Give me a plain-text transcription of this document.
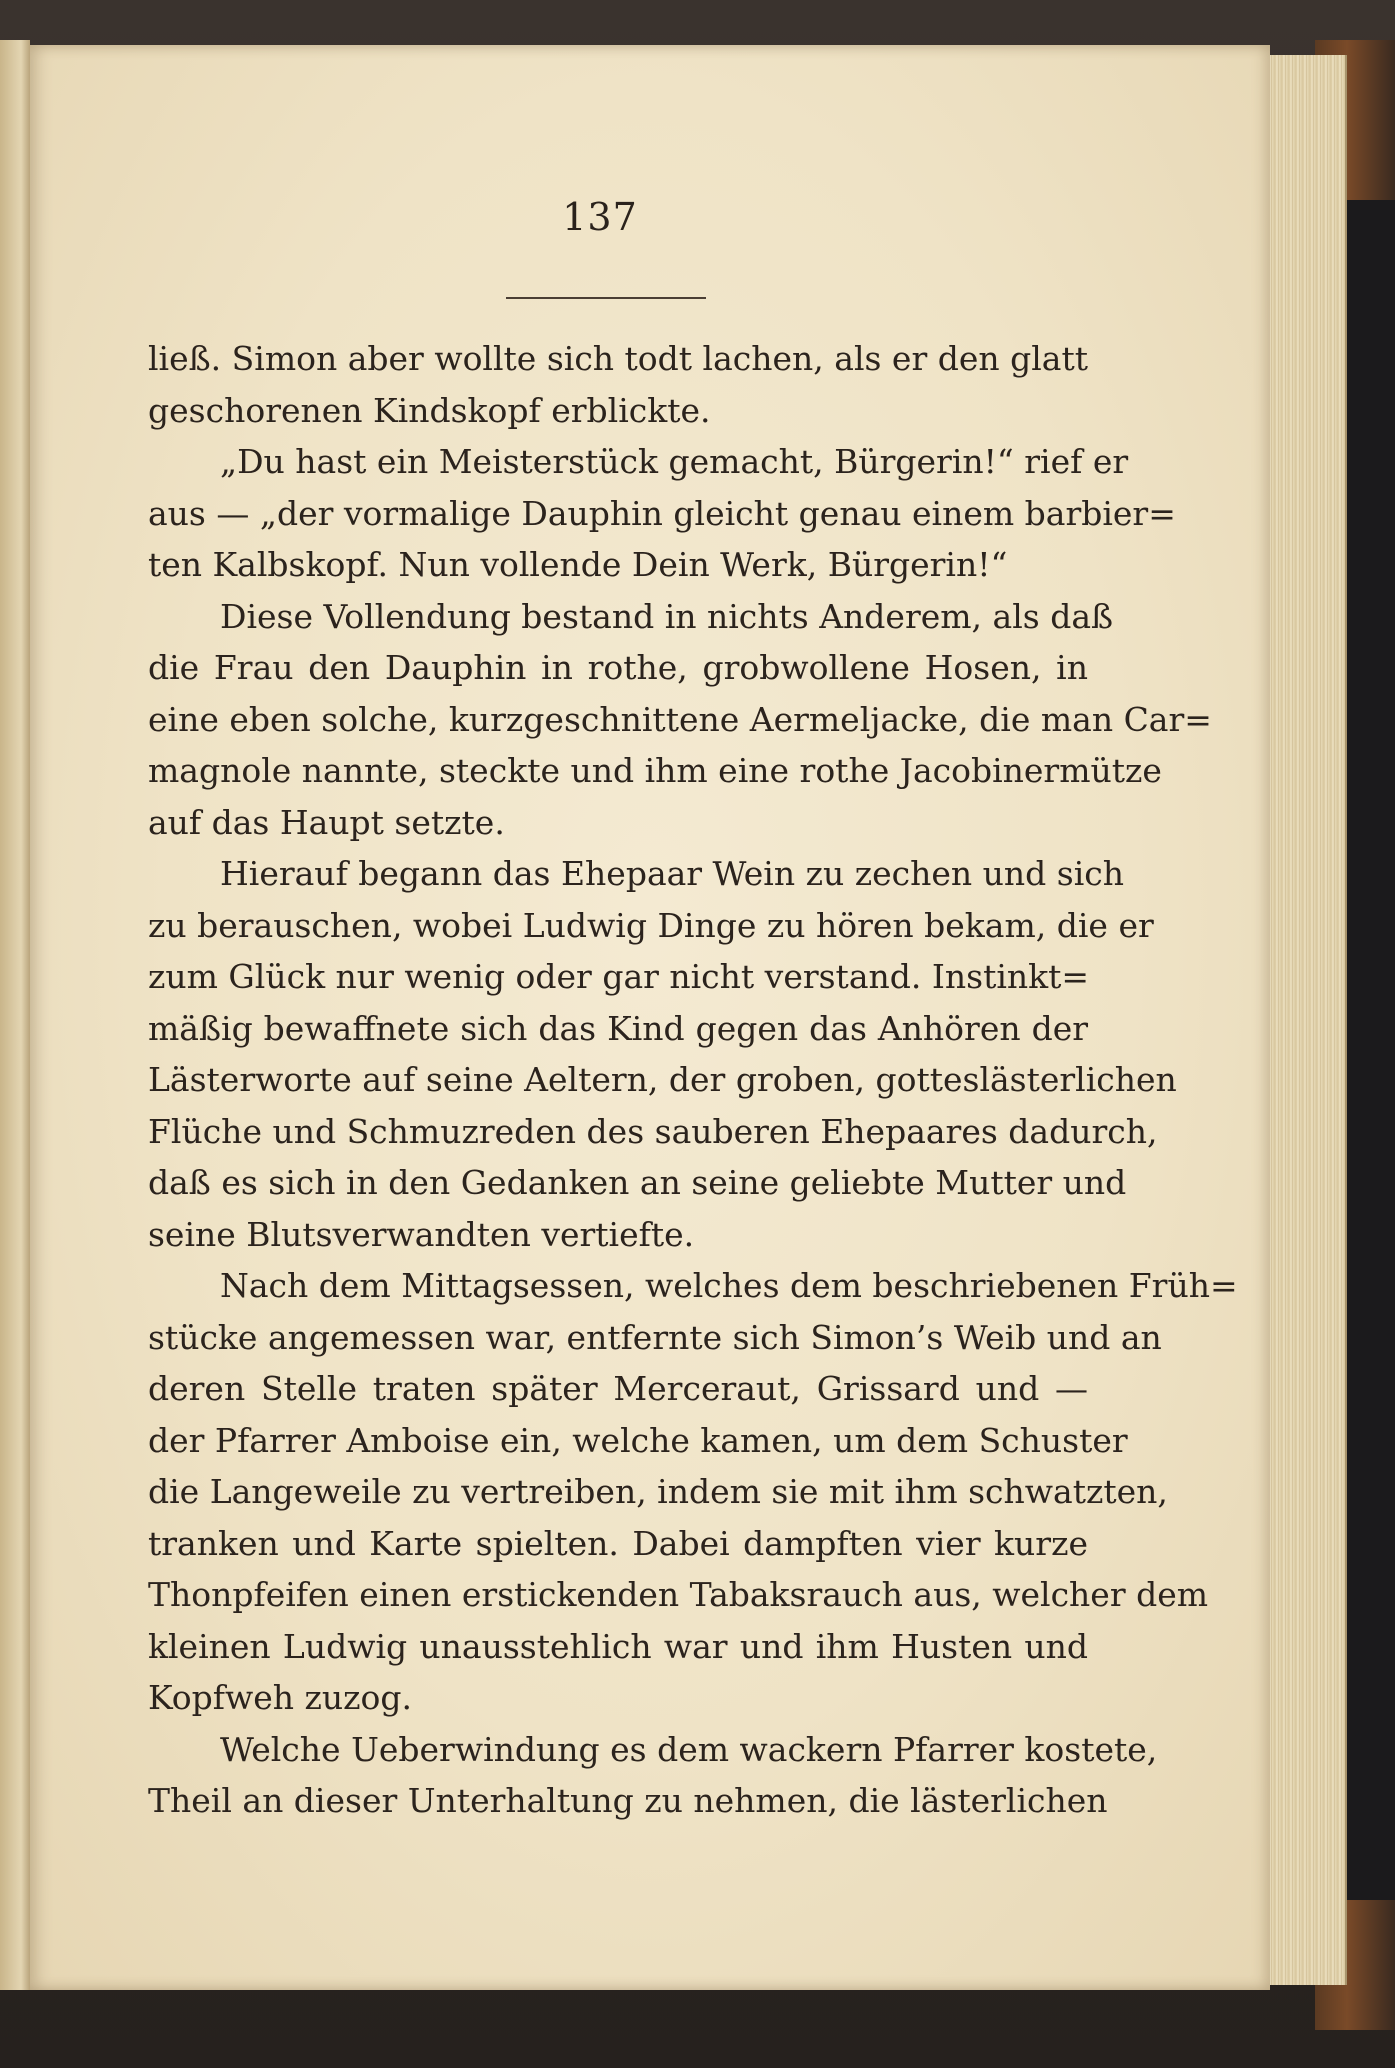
137
ließ. Simon aber wollte sich todt lachen, als er den glatt
geschorenen Kindskopf erblickte.
„Du hast ein Meisterstück gemacht, Bürgerin!“ rief er
aus — „der vormalige Dauphin gleicht genau einem barbier=
ten Kalbskopf. Nun vollende Dein Werk, Bürgerin!“
Diese Vollendung bestand in nichts Anderem, als daß
die Frau den Dauphin in rothe, grobwollene Hosen, in
eine eben solche, kurzgeschnittene Aermeljacke, die man Car=
magnole nannte, steckte und ihm eine rothe Jacobinermütze
auf das Haupt setzte.
Hierauf begann das Ehepaar Wein zu zechen und sich
zu berauschen, wobei Ludwig Dinge zu hören bekam, die er
zum Glück nur wenig oder gar nicht verstand. Instinkt=
mäßig bewaffnete sich das Kind gegen das Anhören der
Lästerworte auf seine Aeltern, der groben, gotteslästerlichen
Flüche und Schmuzreden des sauberen Ehepaares dadurch,
daß es sich in den Gedanken an seine geliebte Mutter und
seine Blutsverwandten vertiefte.
Nach dem Mittagsessen, welches dem beschriebenen Früh=
stücke angemessen war, entfernte sich Simon’s Weib und an
deren Stelle traten später Merceraut, Grissard und —
der Pfarrer Amboise ein, welche kamen, um dem Schuster
die Langeweile zu vertreiben, indem sie mit ihm schwatzten,
tranken und Karte spielten. Dabei dampften vier kurze
Thonpfeifen einen erstickenden Tabaksrauch aus, welcher dem
kleinen Ludwig unausstehlich war und ihm Husten und
Kopfweh zuzog.
Welche Ueberwindung es dem wackern Pfarrer kostete,
Theil an dieser Unterhaltung zu nehmen, die lästerlichen
